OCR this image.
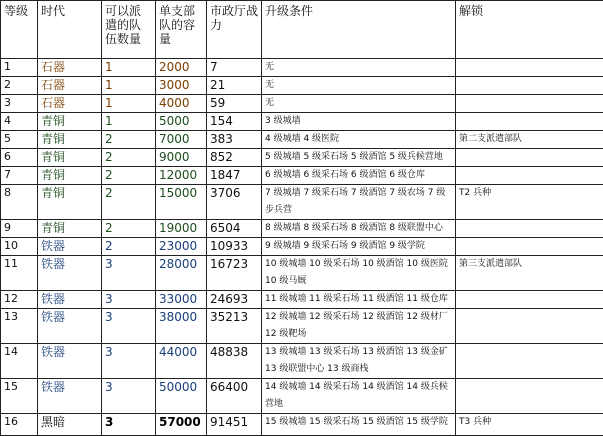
等级	时代	可以派遣的队伍数量	单支部队的容量	市政厅战力	升级条件	解锁
1	石器	1	2000	7	无	
2	石器	1	3000	21	无	
3	石器	1	4000	59	无	
4	青铜	1	5000	154	3 级城墙	
5	青铜	2	7000	383	4 级城墙 4 级医院	第二支派遣部队
6	青铜	2	9000	852	5 级城墙 5 级采石场 5 级酒馆 5 级兵候营地	
7	青铜	2	12000	1847	6 级城墙 6 级采石场 6 级酒馆 6 级仓库	
8	青铜	2	15000	3706	7 级城墙 7 级采石场 7 级酒馆 7 级农场 7 级步兵营	T2 兵种
9	青铜	2	19000	6504	8 级城墙 8 级采石场 8 级酒馆 8 级联盟中心	
10	铁器	2	23000	10933	9 级城墙 9 级采石场 9 级酒馆 9 级学院	
11	铁器	3	28000	16723	10 级城墙 10 级采石场 10 级酒馆 10 级医院 10 级马厩	第三支派遣部队
12	铁器	3	33000	24693	11 级城墙 11 级采石场 11 级酒馆 11 级仓库	
13	铁器	3	38000	35213	12 级城墙 12 级采石场 12 级酒馆 12 级材厂 12 级靶场	
14	铁器	3	44000	48838	13 级城墙 13 级采石场 13 级酒馆 13 级金矿 13 级联盟中心 13 级商栈	
15	铁器	3	50000	66400	14 级城墙 14 级采石场 14 级酒馆 14 级兵候营地	
16	黑暗	3	57000	91451	15 级城墙 15 级采石场 15 级酒馆 15 级学院	T3 兵种
